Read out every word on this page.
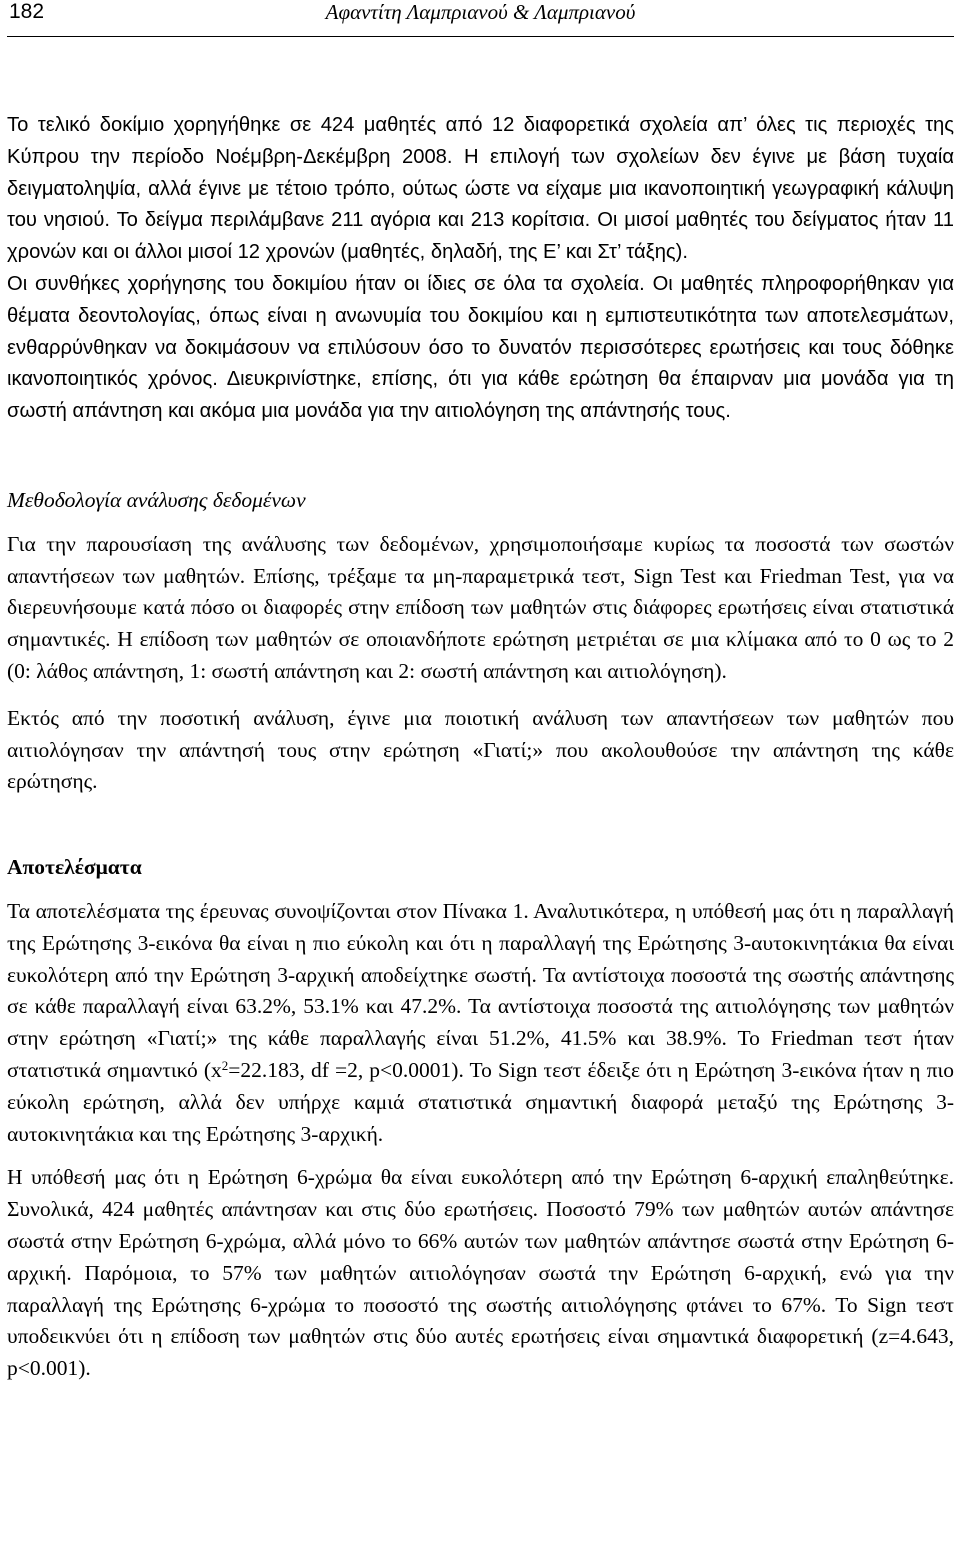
182	Αφαντίτη Λαμπριανού & Λαμπριανού

Το τελικό δοκίμιο χορηγήθηκε σε 424 μαθητές από 12 διαφορετικά σχολεία απ’ όλες τις περιοχές της Κύπρου την περίοδο Νοέμβρη-Δεκέμβρη 2008. Η επιλογή των σχολείων δεν έγινε με βάση τυχαία δειγματοληψία, αλλά έγινε με τέτοιο τρόπο, ούτως ώστε να είχαμε μια ικανοποιητική γεωγραφική κάλυψη του νησιού. Το δείγμα περιλάμβανε 211 αγόρια και 213 κορίτσια. Οι μισοί μαθητές του δείγματος ήταν 11 χρονών και οι άλλοι μισοί 12 χρονών (μαθητές, δηλαδή, της Ε’ και Στ’ τάξης).

Οι συνθήκες χορήγησης του δοκιμίου ήταν οι ίδιες σε όλα τα σχολεία. Οι μαθητές πληροφορήθηκαν για θέματα δεοντολογίας, όπως είναι η ανωνυμία του δοκιμίου και η εμπιστευτικότητα των αποτελεσμάτων, ενθαρρύνθηκαν να δοκιμάσουν να επιλύσουν όσο το δυνατόν περισσότερες ερωτήσεις και τους δόθηκε ικανοποιητικός χρόνος. Διευκρινίστηκε, επίσης, ότι για κάθε ερώτηση θα έπαιρναν μια μονάδα για τη σωστή απάντηση και ακόμα μια μονάδα για την αιτιολόγηση της απάντησής τους.

Μεθοδολογία ανάλυσης δεδομένων

Για την παρουσίαση της ανάλυσης των δεδομένων, χρησιμοποιήσαμε κυρίως τα ποσοστά των σωστών απαντήσεων των μαθητών. Επίσης, τρέξαμε τα μη-παραμετρικά τεστ, Sign Test και Friedman Test, για να διερευνήσουμε κατά πόσο οι διαφορές στην επίδοση των μαθητών στις διάφορες ερωτήσεις είναι στατιστικά σημαντικές. Η επίδοση των μαθητών σε οποιανδήποτε ερώτηση μετριέται σε μια κλίμακα από το 0 ως το 2 (0: λάθος απάντηση, 1: σωστή απάντηση και 2: σωστή απάντηση και αιτιολόγηση).

Εκτός από την ποσοτική ανάλυση, έγινε μια ποιοτική ανάλυση των απαντήσεων των μαθητών που αιτιολόγησαν την απάντησή τους στην ερώτηση «Γιατί;» που ακολουθούσε την απάντηση της κάθε ερώτησης.

Αποτελέσματα

Τα αποτελέσματα της έρευνας συνοψίζονται στον Πίνακα 1. Αναλυτικότερα, η υπόθεσή μας ότι η παραλλαγή της Ερώτησης 3-εικόνα θα είναι η πιο εύκολη και ότι η παραλλαγή της Ερώτησης 3-αυτοκινητάκια θα είναι ευκολότερη από την Ερώτηση 3-αρχική αποδείχτηκε σωστή. Τα αντίστοιχα ποσοστά της σωστής απάντησης σε κάθε παραλλαγή είναι 63.2%, 53.1% και 47.2%. Τα αντίστοιχα ποσοστά της αιτιολόγησης των μαθητών στην ερώτηση «Γιατί;» της κάθε παραλλαγής είναι 51.2%, 41.5% και 38.9%. Το Friedman τεστ ήταν στατιστικά σημαντικό ($x^2=22.183$, df =2, p<0.0001). Το Sign τεστ έδειξε ότι η Ερώτηση 3-εικόνα ήταν η πιο εύκολη ερώτηση, αλλά δεν υπήρχε καμιά στατιστικά σημαντική διαφορά μεταξύ της Ερώτησης 3-αυτοκινητάκια και της Ερώτησης 3-αρχική.

Η υπόθεσή μας ότι η Ερώτηση 6-χρώμα θα είναι ευκολότερη από την Ερώτηση 6-αρχική επαληθεύτηκε. Συνολικά, 424 μαθητές απάντησαν και στις δύο ερωτήσεις. Ποσοστό 79% των μαθητών αυτών απάντησε σωστά στην Ερώτηση 6-χρώμα, αλλά μόνο το 66% αυτών των μαθητών απάντησε σωστά στην Ερώτηση 6-αρχική. Παρόμοια, το 57% των μαθητών αιτιολόγησαν σωστά την Ερώτηση 6-αρχική, ενώ για την παραλλαγή της Ερώτησης 6-χρώμα το ποσοστό της σωστής αιτιολόγησης φτάνει το 67%. Το Sign τεστ υποδεικνύει ότι η επίδοση των μαθητών στις δύο αυτές ερωτήσεις είναι σημαντικά διαφορετική (z=4.643, p<0.001).
